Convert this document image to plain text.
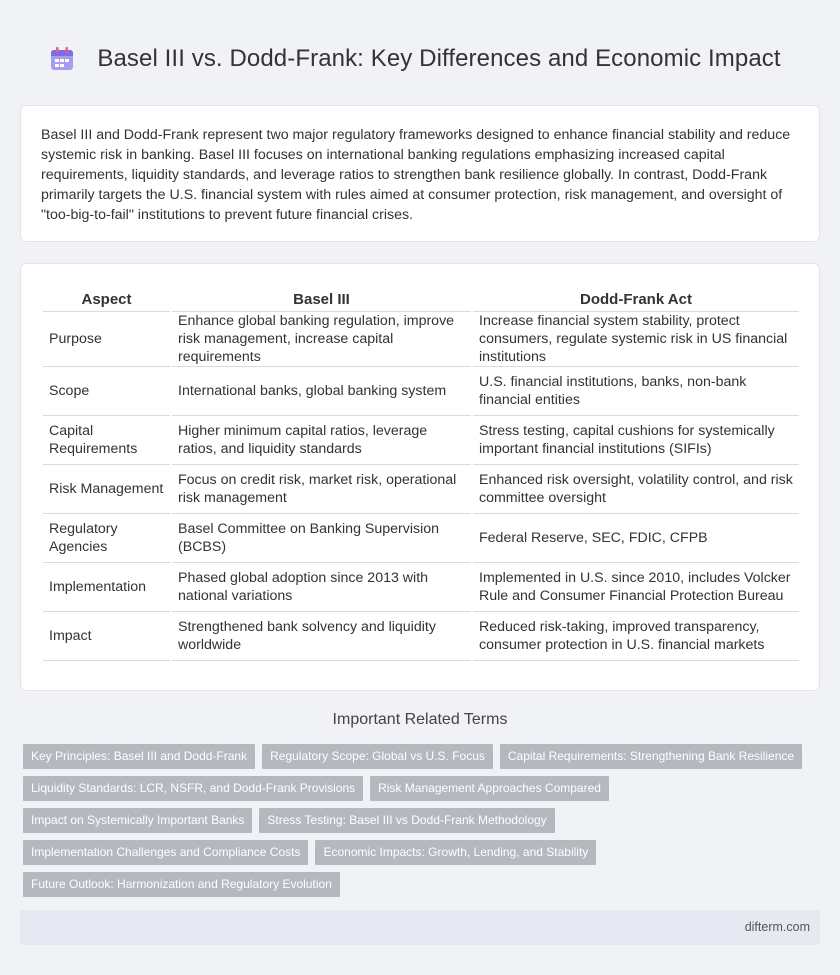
Basel III vs. Dodd-Frank: Key Differences and Economic Impact

Basel III and Dodd-Frank represent two major regulatory frameworks designed to enhance financial stability and reduce systemic risk in banking. Basel III focuses on international banking regulations emphasizing increased capital requirements, liquidity standards, and leverage ratios to strengthen bank resilience globally. In contrast, Dodd-Frank primarily targets the U.S. financial system with rules aimed at consumer protection, risk management, and oversight of "too-big-to-fail" institutions to prevent future financial crises.

Aspect	Basel III	Dodd-Frank Act
Purpose	Enhance global banking regulation, improve risk management, increase capital requirements	Increase financial system stability, protect consumers, regulate systemic risk in US financial institutions
Scope	International banks, global banking system	U.S. financial institutions, banks, non-bank financial entities
Capital Requirements	Higher minimum capital ratios, leverage ratios, and liquidity standards	Stress testing, capital cushions for systemically important financial institutions (SIFIs)
Risk Management	Focus on credit risk, market risk, operational risk management	Enhanced risk oversight, volatility control, and risk committee oversight
Regulatory Agencies	Basel Committee on Banking Supervision (BCBS)	Federal Reserve, SEC, FDIC, CFPB
Implementation	Phased global adoption since 2013 with national variations	Implemented in U.S. since 2010, includes Volcker Rule and Consumer Financial Protection Bureau
Impact	Strengthened bank solvency and liquidity worldwide	Reduced risk-taking, improved transparency, consumer protection in U.S. financial markets
Important Related Terms
Key Principles: Basel III and Dodd-Frank	Regulatory Scope: Global vs U.S. Focus	Capital Requirements: Strengthening Bank Resilience
Liquidity Standards: LCR, NSFR, and Dodd-Frank Provisions	Risk Management Approaches Compared
Impact on Systemically Important Banks	Stress Testing: Basel III vs Dodd-Frank Methodology
Implementation Challenges and Compliance Costs	Economic Impacts: Growth, Lending, and Stability
Future Outlook: Harmonization and Regulatory Evolution
difterm.com
